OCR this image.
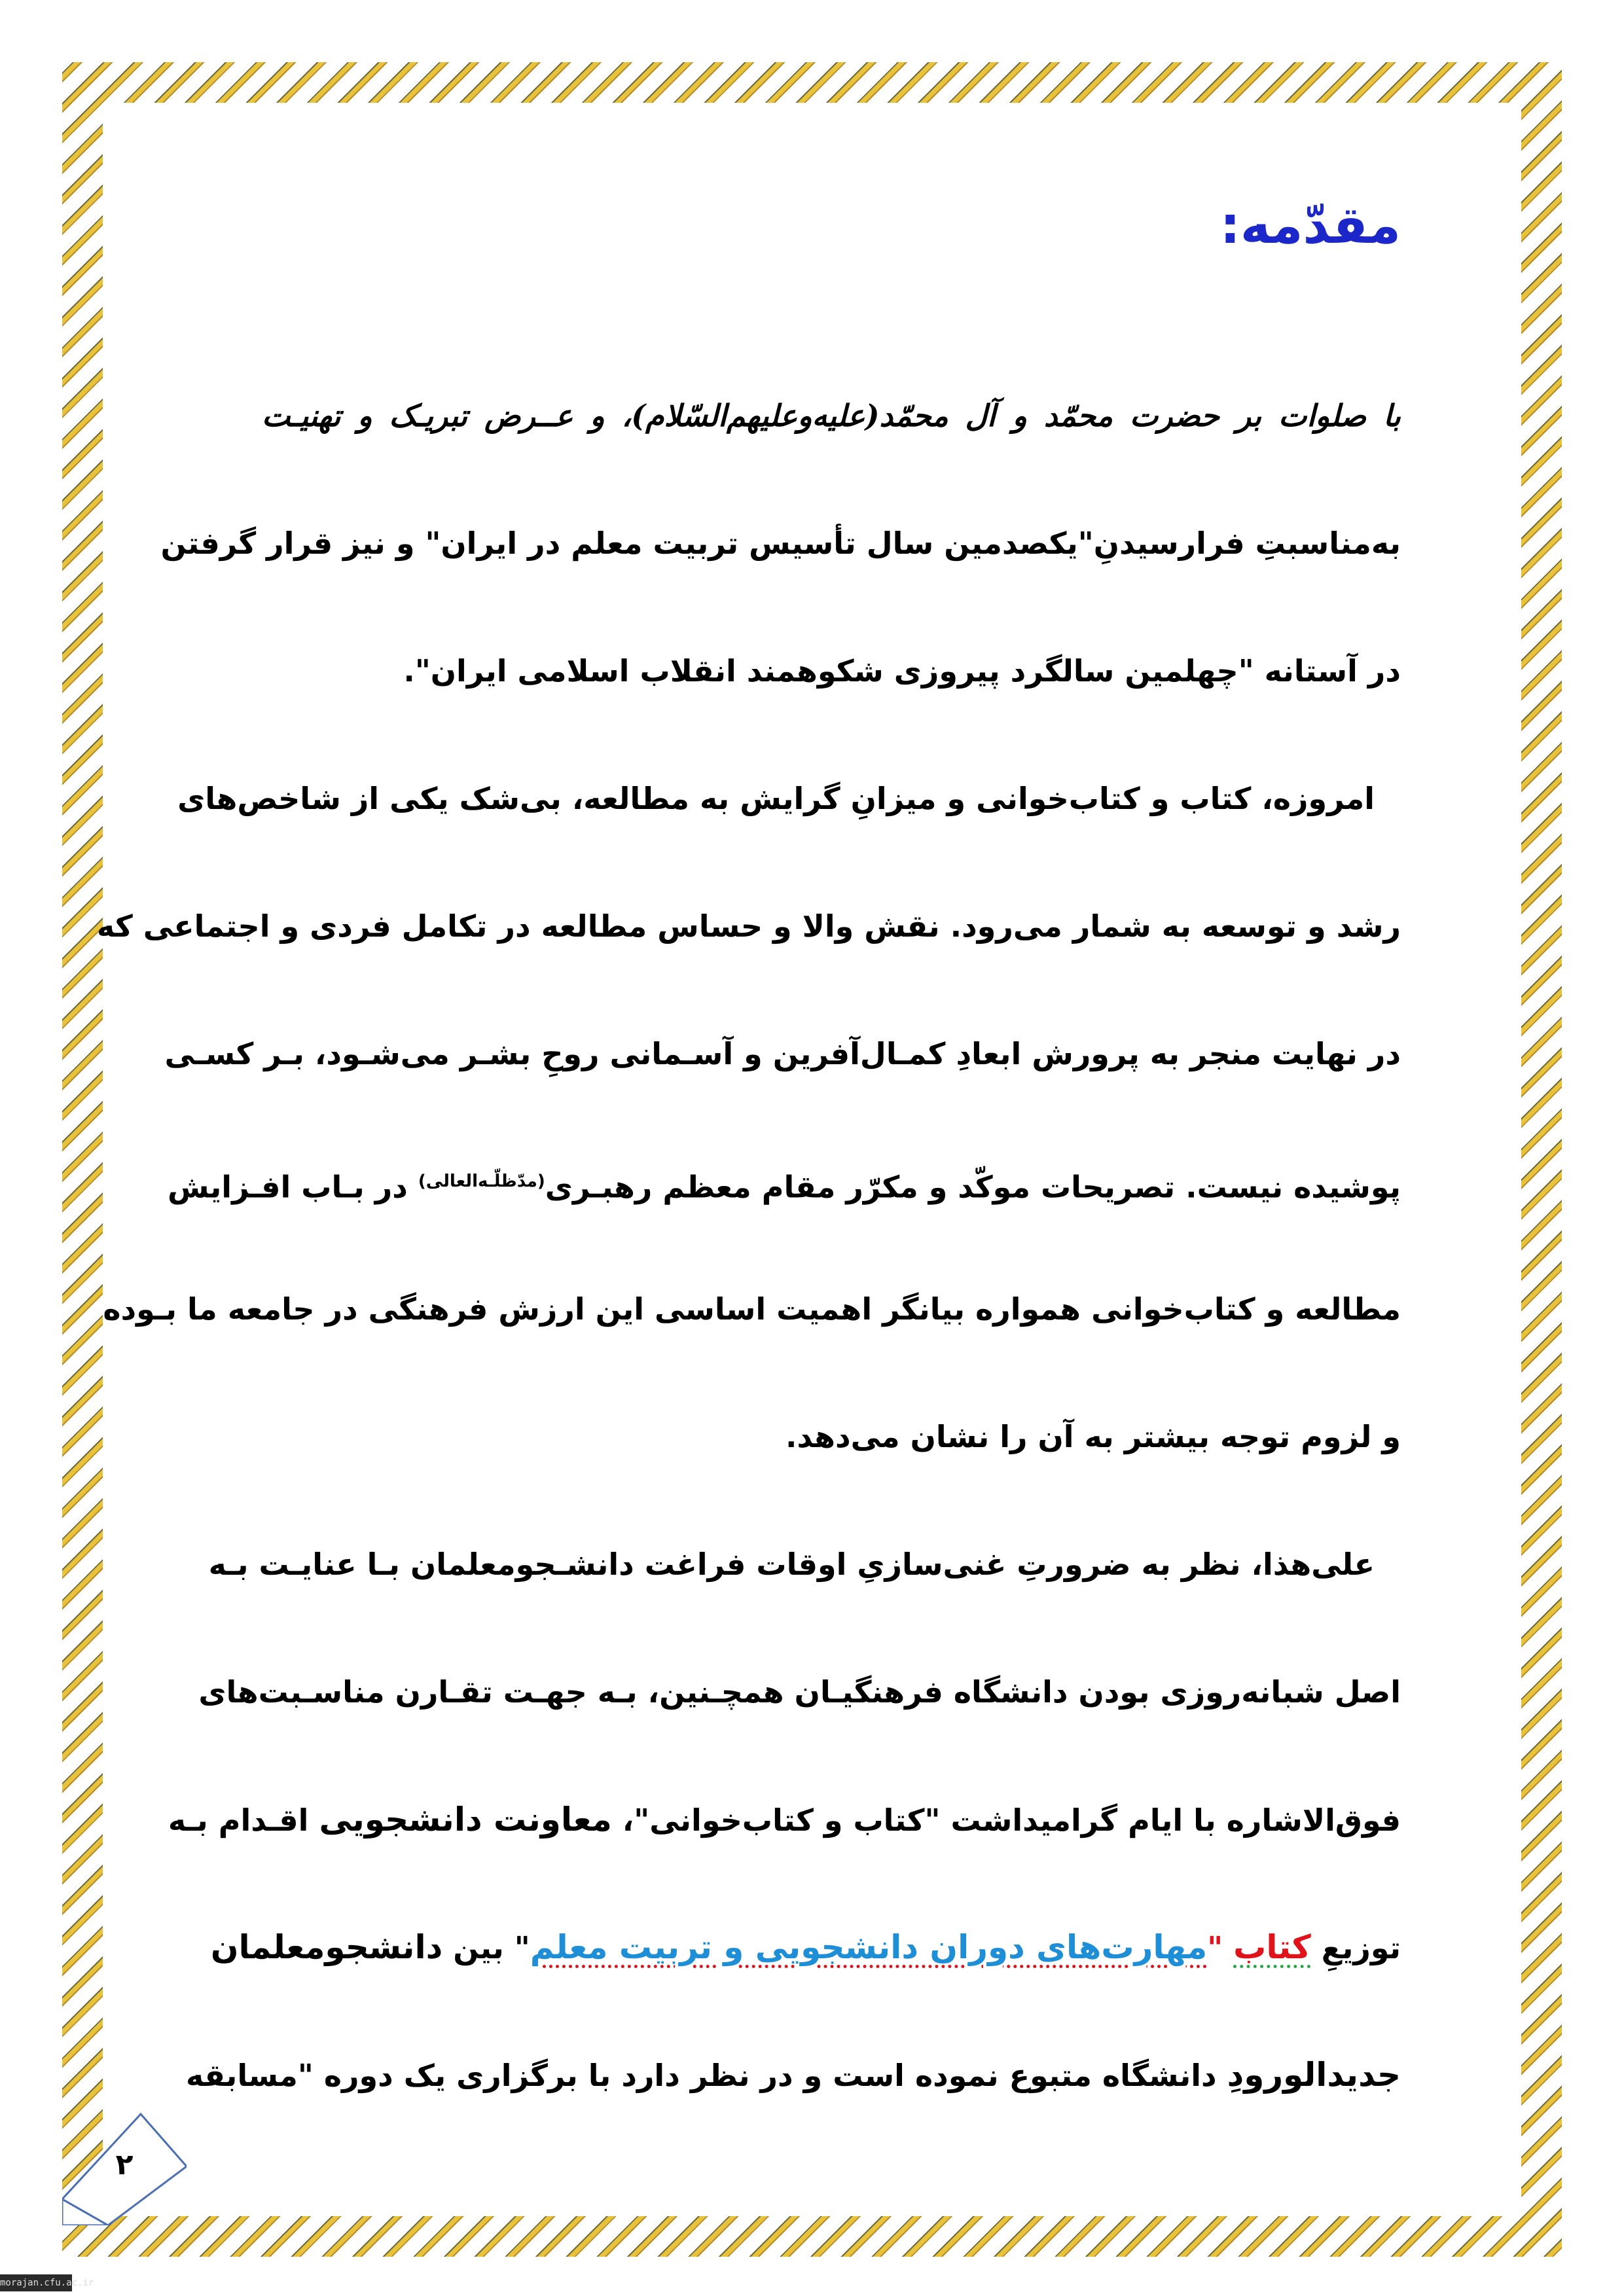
مقدّمه:
با صلوات بر حضرت محمّد و آل محمّد(علیه‌وعلیهم‌السّلام)، و عــرض تبریـک و تهنیـت
به‌مناسبتِ فرارسیدنِ"یکصدمین سال تأسیس تربیت معلم در ایران" و نیز قرار گرفتن
در آستانه "چهلمین سالگرد پیروزی شکوهمند انقلاب اسلامی ایران".
امروزه، کتاب و کتاب‌خوانی و میزانِ گرایش به مطالعه، بی‌شک یکی از شاخص‌های
رشد و توسعه به شمار می‌رود. نقش والا و حساس مطالعه در تکامل فردی و اجتماعی که
در نهایت منجر به پرورش ابعادِ کمـال‌آفرین و آسـمانی روحِ بشـر می‌شـود، بـر کسـی
پوشیده نیست. تصریحات موکّد و مکرّر مقام معظم رهبـری$^{(مدّظلّـه‌العالی)}$ در بـاب افـزایش
مطالعه و کتاب‌خوانی همواره بیانگر اهمیت اساسی این ارزش فرهنگی در جامعه ما بـوده
و لزوم توجه بیشتر به آن را نشان می‌دهد.
علی‌هذا، نظر به ضرورتِ غنی‌سازیِ اوقات فراغت دانشـجومعلمان بـا عنایـت بـه
اصل شبانه‌روزی بودن دانشگاه فرهنگیـان همچـنین، بـه جهـت تقـارن مناسـبت‌های
فوق‌الاشاره با ایام گرامیداشت "کتاب و کتاب‌خوانی"، معاونت دانشجویی اقـدام بـه
توزیعِ کتاب "مهارت‌های دوران دانشجویی و تربیت معلم" بین دانشجومعلمان
جدیدالورودِ دانشگاه متبوع نموده است و در نظر دارد با برگزاری یک دوره "مسابقه
۲
morajan.cfu.ac.ir
